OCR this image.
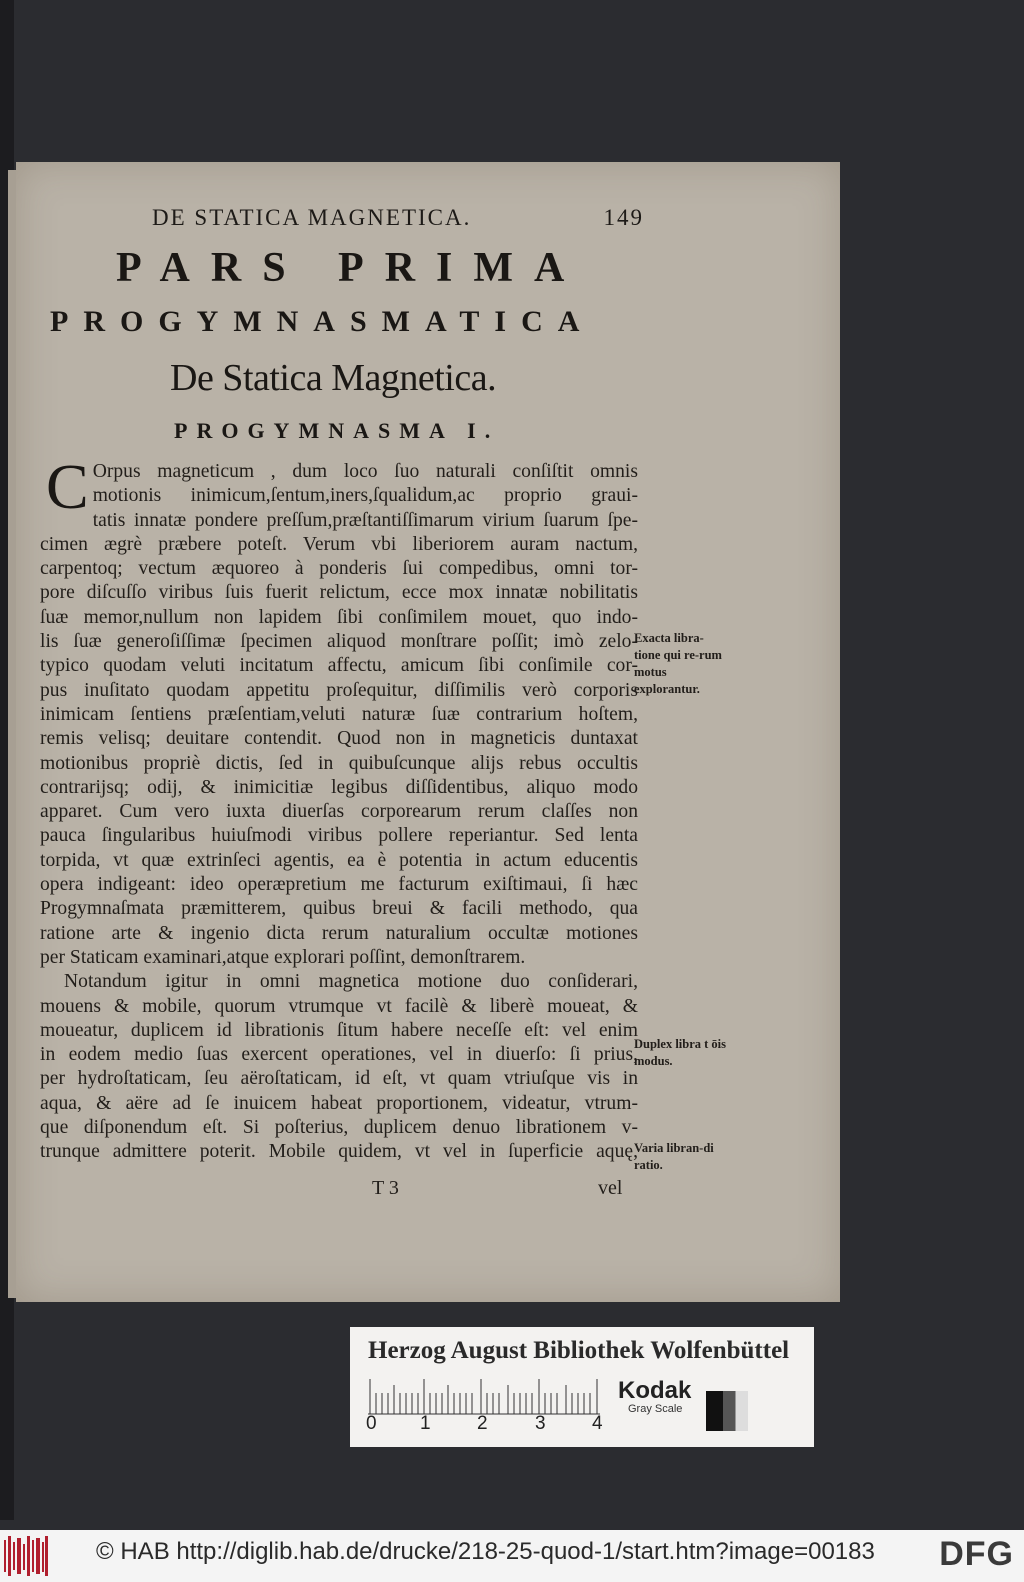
DE STATICA MAGNETICA.	149
PARS PRIMA
PROGYMNASMATICA
De Statica Magnetica.
PROGYMNASMA I.
C Orpus magneticum , dum loco ſuo naturali conſiſtit omnis
motionis inimicum,ſentum,iners,ſqualidum,ac proprio graui-
tatis innatæ pondere preſſum,præſtantiſſimarum virium ſuarum ſpe-
cimen ægrè præbere poteſt. Verum vbi liberiorem auram nactum,
carpentoq; vectum æquoreo à ponderis ſui compedibus, omni tor-
pore diſcuſſo viribus ſuis fuerit relictum, ecce mox innatæ nobilitatis
ſuæ memor,nullum non lapidem ſibi conſimilem mouet, quo indo-
lis ſuæ generoſiſſimæ ſpecimen aliquod monſtrare poſſit; imò zelo-
typico quodam veluti incitatum affectu, amicum ſibi conſimile cor-
pus inuſitato quodam appetitu proſequitur, diſſimilis verò corporis
inimicam ſentiens præſentiam,veluti naturæ ſuæ contrarium hoſtem,
remis velisq; deuitare contendit. Quod non in magneticis duntaxat
motionibus propriè dictis, ſed in quibuſcunque alijs rebus occultis
contrarijsq; odij, & inimicitiæ legibus diſſidentibus, aliquo modo
apparet. Cum vero iuxta diuerſas corporearum rerum claſſes non
pauca ſingularibus huiuſmodi viribus pollere reperiantur. Sed lenta
torpida, vt quæ extrinſeci agentis, ea è potentia in actum educentis
opera indigeant: ideo operæpretium me facturum exiſtimaui, ſi hæc
Progymnaſmata præmitterem, quibus breui & facili methodo, qua
ratione arte & ingenio dicta rerum naturalium occultæ motiones
per Staticam examinari,atque explorari poſſint, demonſtrarem.
Notandum igitur in omni magnetica motione duo conſiderari,
mouens & mobile, quorum vtrumque vt facilè & liberè moueat, &
moueatur, duplicem id librationis ſitum habere neceſſe eſt: vel enim
in eodem medio ſuas exercent operationes, vel in diuerſo: ſi prius,
per hydroſtaticam, ſeu aëroſtaticam, id eſt, vt quam vtriuſque vis in
aqua, & aëre ad ſe inuicem habeat proportionem, videatur, vtrum-
que diſponendum eſt. Si poſterius, duplicem denuo librationem v-
trunque admittere poterit. Mobile quidem, vt vel in ſuperficie aquę,
Exacta libra-tione qui re-rum motus explorantur.
Duplex libra t ōis modus.
Varia libran-di ratio.
T 3	vel
Herzog August Bibliothek Wolfenbüttel
0 1 2 3 4
Kodak
Gray Scale
© HAB http://diglib.hab.de/drucke/218-25-quod-1/start.htm?image=00183 DFG
